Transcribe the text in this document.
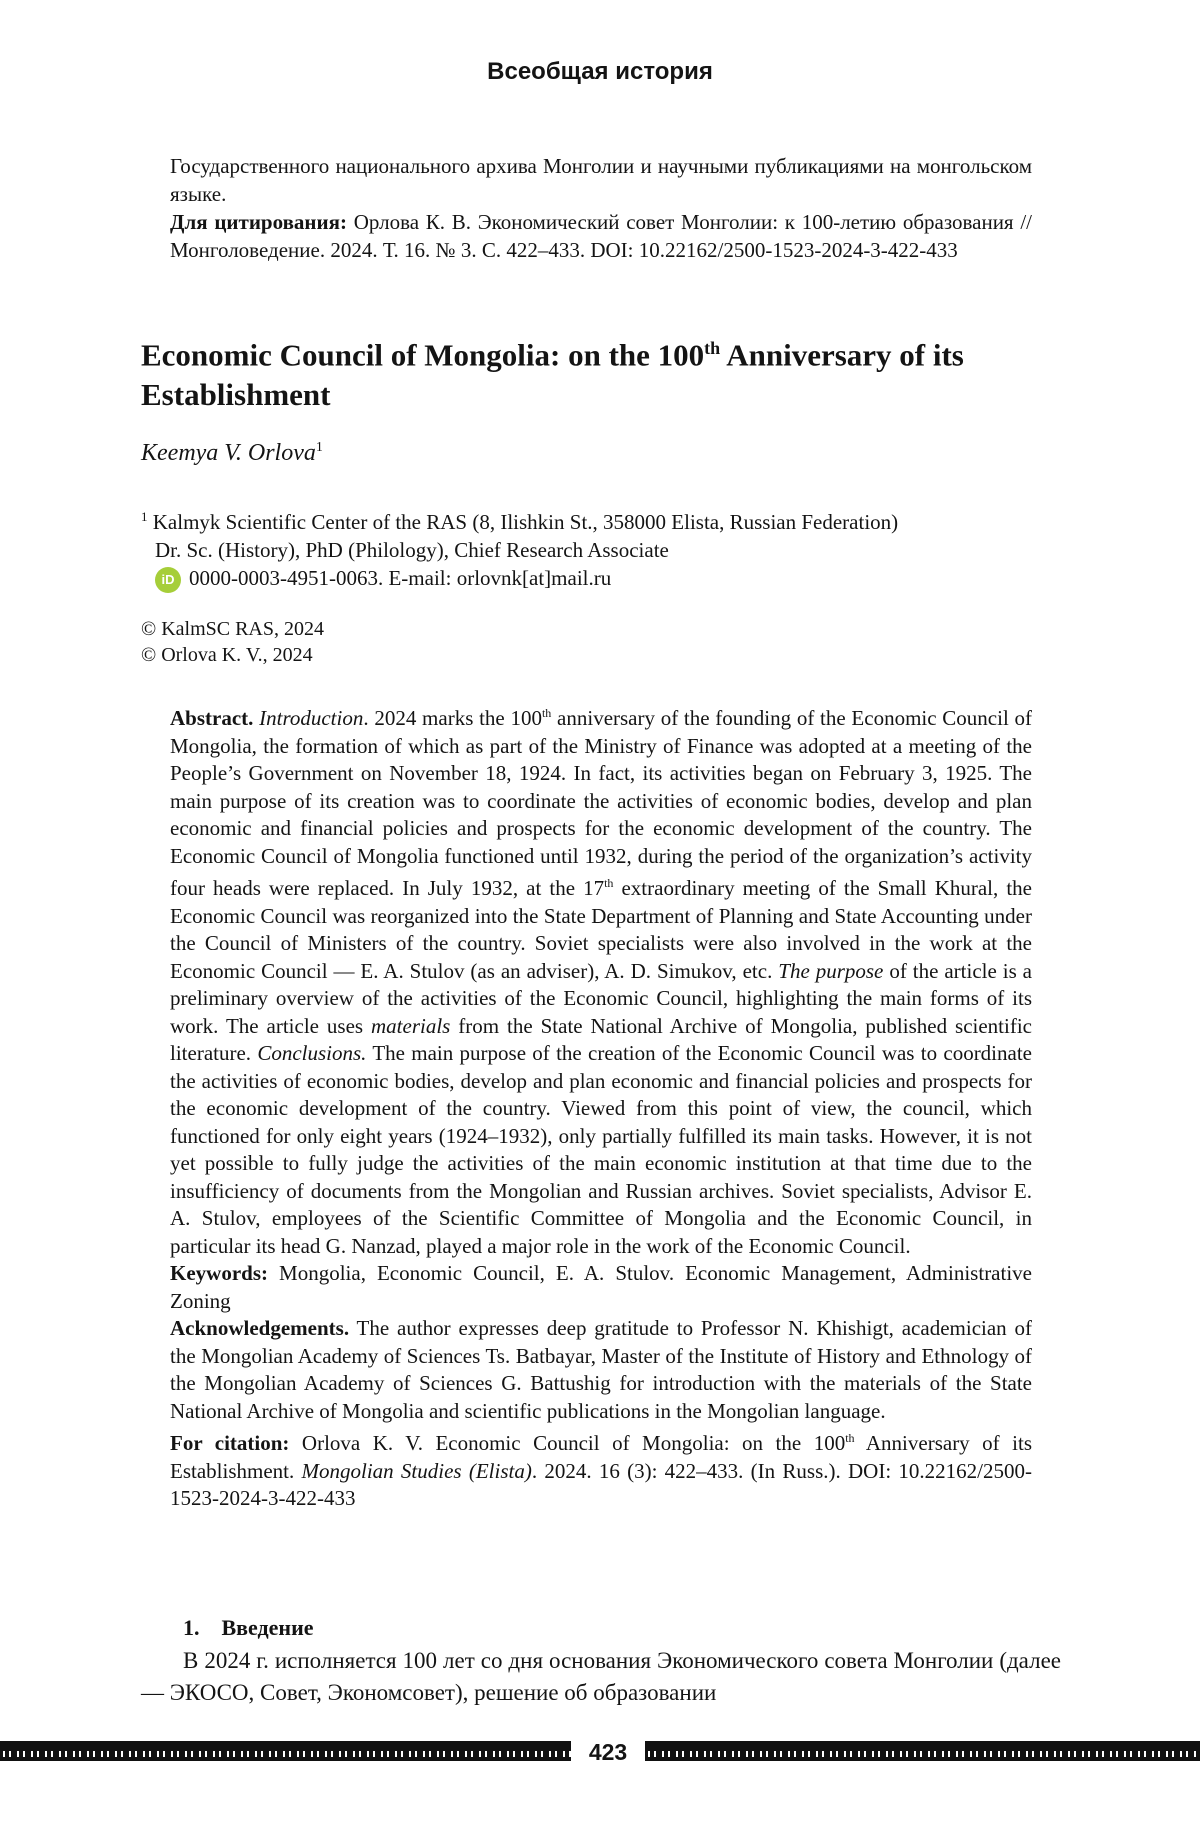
Всеобщая история
Государственного национального архива Монголии и научными публикациями на монгольском языке.
Для цитирования: Орлова К. В. Экономический совет Монголии: к 100-летию образования // Монголоведение. 2024. Т. 16. № 3. С. 422–433. DOI: 10.22162/2500-1523-2024-3-422-433
Economic Council of Mongolia: on the 100th Anniversary of its Establishment
Keemya V. Orlova$^1$
$^1$ Kalmyk Scientific Center of the RAS (8, Ilishkin St., 358000 Elista, Russian Federation)
Dr. Sc. (History), PhD (Philology), Chief Research Associate
iD 0000-0003-4951-0063. E-mail: orlovnk[at]mail.ru
© KalmSC RAS, 2024
© Orlova K. V., 2024

Abstract. Introduction. 2024 marks the 100th anniversary of the founding of the Economic Council of Mongolia, the formation of which as part of the Ministry of Finance was adopted at a meeting of the People’s Government on November 18, 1924. In fact, its activities began on February 3, 1925. The main purpose of its creation was to coordinate the activities of economic bodies, develop and plan economic and financial policies and prospects for the economic development of the country. The Economic Council of Mongolia functioned until 1932, during the period of the organization’s activity four heads were replaced. In July 1932, at the 17th extraordinary meeting of the Small Khural, the Economic Council was reorganized into the State Department of Planning and State Accounting under the Council of Ministers of the country. Soviet specialists were also involved in the work at the Economic Council — E. A. Stulov (as an adviser), A. D. Simukov, etc. The purpose of the article is a preliminary overview of the activities of the Economic Council, highlighting the main forms of its work. The article uses materials from the State National Archive of Mongolia, published scientific literature. Conclusions. The main purpose of the creation of the Economic Council was to coordinate the activities of economic bodies, develop and plan economic and financial policies and prospects for the economic development of the country. Viewed from this point of view, the council, which functioned for only eight years (1924–1932), only partially fulfilled its main tasks. However, it is not yet possible to fully judge the activities of the main economic institution at that time due to the insufficiency of documents from the Mongolian and Russian archives. Soviet specialists, Advisor E. A. Stulov, employees of the Scientific Committee of Mongolia and the Economic Council, in particular its head G. Nanzad, played a major role in the work of the Economic Council.

Keywords: Mongolia, Economic Council, E. A. Stulov. Economic Management, Administrative Zoning

Acknowledgements. The author expresses deep gratitude to Professor N. Khishigt, academician of the Mongolian Academy of Sciences Ts. Batbayar, Master of the Institute of History and Ethnology of the Mongolian Academy of Sciences G. Battushig for introduction with the materials of the State National Archive of Mongolia and scientific publications in the Mongolian language.

For citation: Orlova K. V. Economic Council of Mongolia: on the 100th Anniversary of its Establishment. Mongolian Studies (Elista). 2024. 16 (3): 422–433. (In Russ.). DOI: 10.22162/2500-1523-2024-3-422-433

1. Введение
В 2024 г. исполняется 100 лет со дня основания Экономического совета Монголии (далее — ЭКОСО, Совет, Экономсовет), решение об образовании
423
